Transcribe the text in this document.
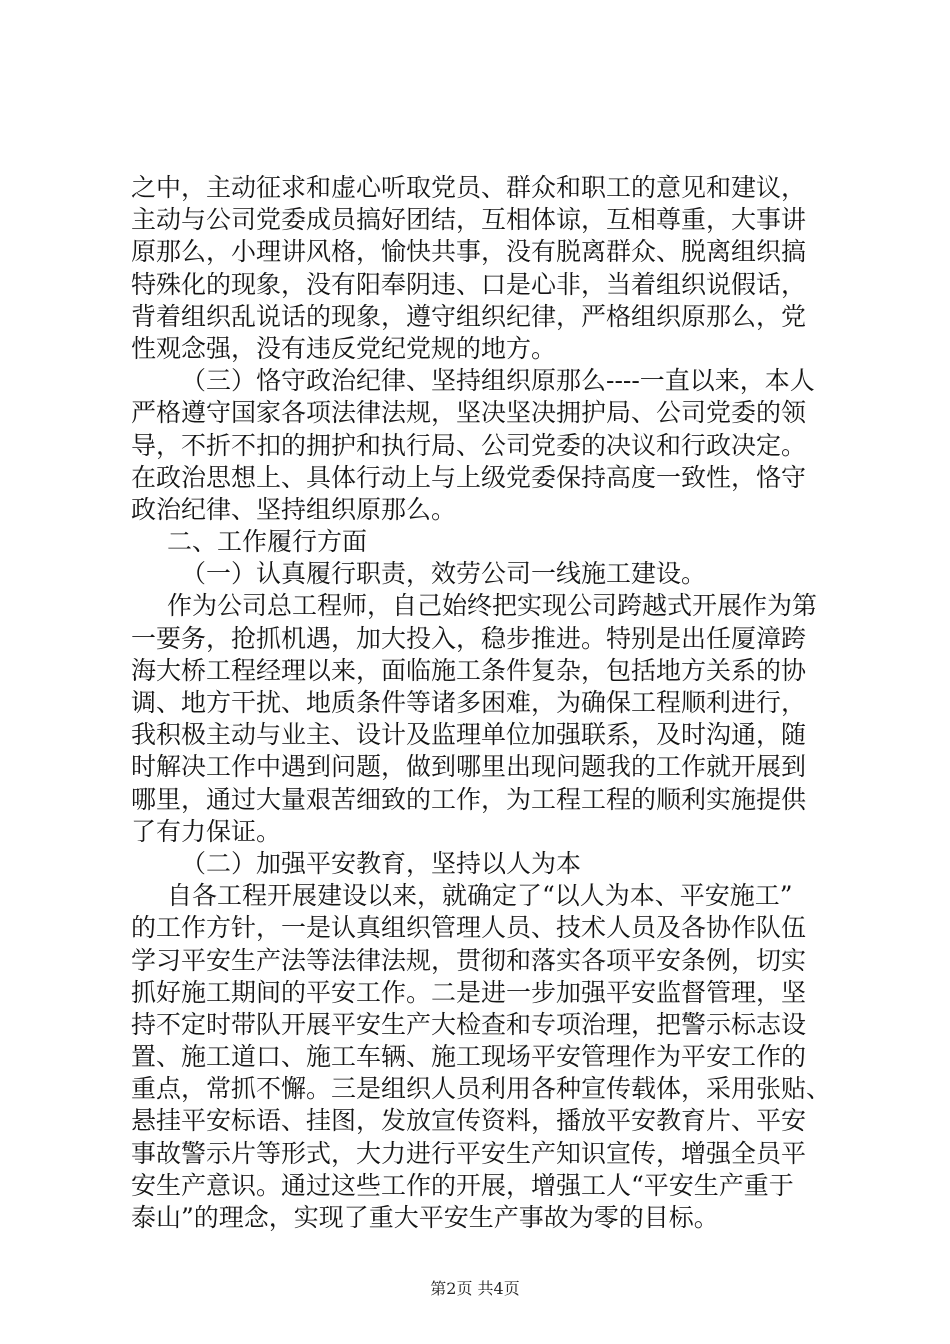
之中，主动征求和虚心听取党员、群众和职工的意见和建议，
主动与公司党委成员搞好团结，互相体谅，互相尊重，大事讲
原那么，小理讲风格，愉快共事，没有脱离群众、脱离组织搞
特殊化的现象，没有阳奉阴违、口是心非，当着组织说假话，
背着组织乱说话的现象，遵守组织纪律，严格组织原那么，党
性观念强，没有违反党纪党规的地方。
（三）恪守政治纪律、坚持组织原那么----一直以来，本人
严格遵守国家各项法律法规，坚决坚决拥护局、公司党委的领
导，不折不扣的拥护和执行局、公司党委的决议和行政决定。
在政治思想上、具体行动上与上级党委保持高度一致性，恪守
政治纪律、坚持组织原那么。
二、工作履行方面
（一）认真履行职责，效劳公司一线施工建设。
作为公司总工程师，自己始终把实现公司跨越式开展作为第
一要务，抢抓机遇，加大投入，稳步推进。特别是出任厦漳跨
海大桥工程经理以来，面临施工条件复杂，包括地方关系的协
调、地方干扰、地质条件等诸多困难，为确保工程顺利进行，
我积极主动与业主、设计及监理单位加强联系，及时沟通，随
时解决工作中遇到问题，做到哪里出现问题我的工作就开展到
哪里，通过大量艰苦细致的工作，为工程工程的顺利实施提供
了有力保证。
（二）加强平安教育，坚持以人为本
自各工程开展建设以来，就确定了“以人为本、平安施工”
的工作方针，一是认真组织管理人员、技术人员及各协作队伍
学习平安生产法等法律法规，贯彻和落实各项平安条例，切实
抓好施工期间的平安工作。二是进一步加强平安监督管理，坚
持不定时带队开展平安生产大检查和专项治理，把警示标志设
置、施工道口、施工车辆、施工现场平安管理作为平安工作的
重点，常抓不懈。三是组织人员利用各种宣传载体，采用张贴、
悬挂平安标语、挂图，发放宣传资料，播放平安教育片、平安
事故警示片等形式，大力进行平安生产知识宣传，增强全员平
安生产意识。通过这些工作的开展，增强工人“平安生产重于
泰山”的理念，实现了重大平安生产事故为零的目标。
第2页 共4页
